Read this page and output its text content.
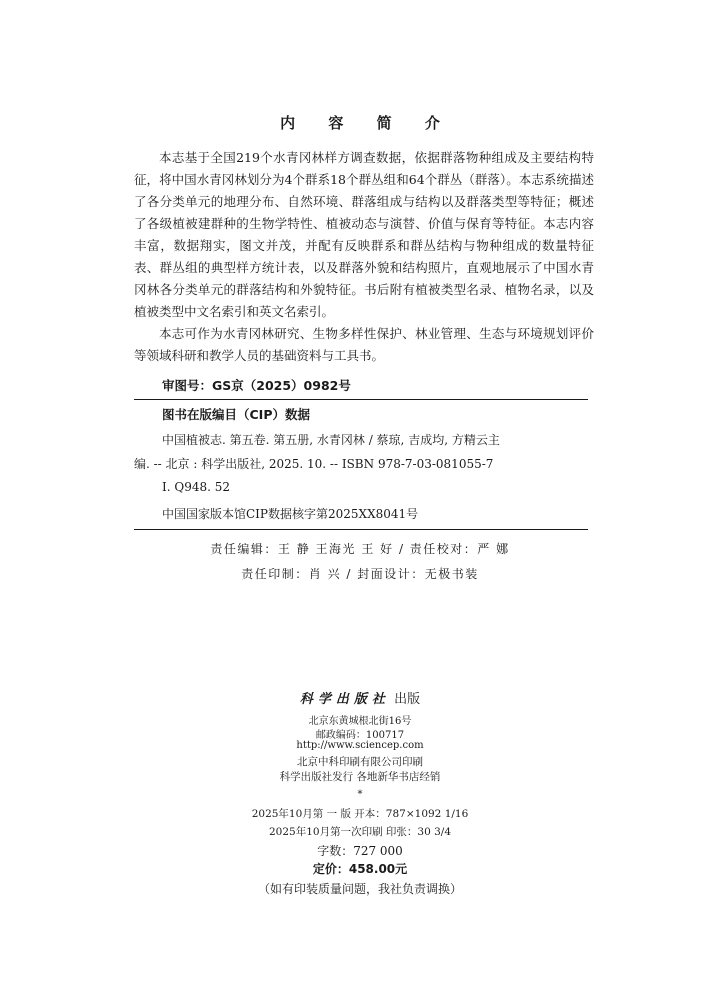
内 容 简 介

本志基于全国219个水青冈林样方调查数据，依据群落物种组成及主要结构特征，将中国水青冈林划分为4个群系18个群丛组和64个群丛（群落）。本志系统描述了各分类单元的地理分布、自然环境、群落组成与结构以及群落类型等特征；概述了各级植被建群种的生物学特性、植被动态与演替、价值与保育等特征。本志内容丰富，数据翔实，图文并茂，并配有反映群系和群丛结构与物种组成的数量特征表、群丛组的典型样方统计表，以及群落外貌和结构照片，直观地展示了中国水青冈林各分类单元的群落结构和外貌特征。书后附有植被类型名录、植物名录，以及植被类型中文名索引和英文名索引。

本志可作为水青冈林研究、生物多样性保护、林业管理、生态与环境规划评价等领域科研和教学人员的基础资料与工具书。

审图号：GS京（2025）0982号
图书在版编目（CIP）数据
中国植被志. 第五卷. 第五册, 水青冈林 / 蔡琼, 吉成均, 方精云主
编. -- 北京 : 科学出版社, 2025. 10. -- ISBN 978-7-03-081055-7
Ⅰ. Q948. 52
中国国家版本馆CIP数据核字第2025XX8041号
责任编辑：王 静 王海光 王 好 / 责任校对：严 娜
责任印制：肖 兴 / 封面设计：无极书装
科学出版社 出版
北京东黄城根北街16号
邮政编码：100717
http://www.sciencep.com
北京中科印刷有限公司印刷
科学出版社发行 各地新华书店经销
*
2025年10月第 一 版 开本：787×1092 1/16
2025年10月第一次印刷 印张：30 3/4
字数：727 000
定价：458.00元
（如有印装质量问题，我社负责调换）
